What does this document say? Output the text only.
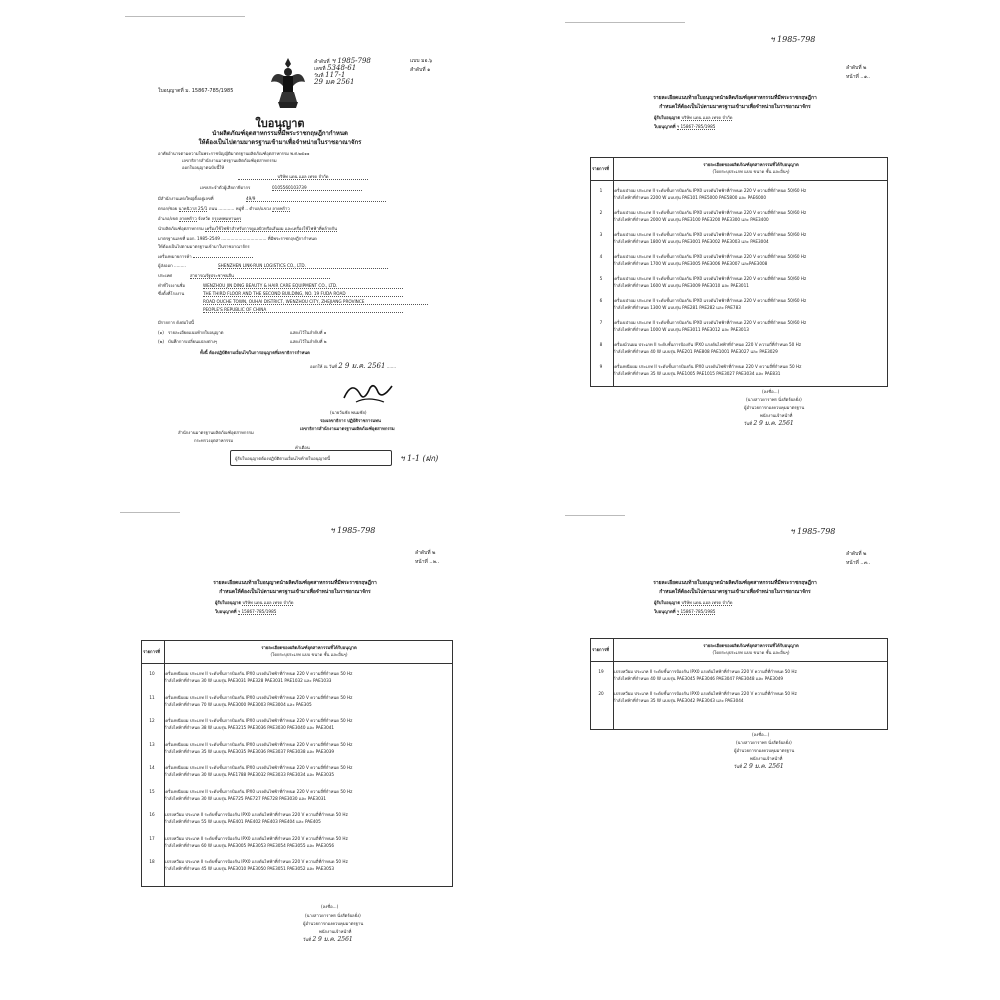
ลำดับที่ ฯ 1985-798
เลขที่ 5348-61
วันที่ 117-1
29 มค 2561
แบบ มอ.๖
สำดับที่ ๑
ใบอนุญาตที่ ม. 15867-785/1985
ใบอนุญาต
นำผลิตภัณฑ์อุตสาหกรรมที่มีพระราชกฤษฎีกากำหนด
ให้ต้องเป็นไปตามมาตรฐานเข้ามาเพื่อจำหน่ายในราชอาณาจักร
อาศัยอำนาจตามความในพระราชบัญญัติมาตรฐานผลิตภัณฑ์อุตสาหกรรม พ.ศ.๒๕๑๑
เลขาธิการสำนักงานมาตรฐานผลิตภัณฑ์อุตสาหกรรม
ออกใบอนุญาตฉบับนี้ให้
บริษัท แดน แอล เทรด จำกัด
เลขประจำตัวผู้เสียภาษีอากร	0105560103739
มีสำนักงานแห่งใหญ่ตั้งอยู่เลขที่	49/9
ตรอก/ซอย นาคนิวาส 25/1 ถนน ............ หมู่ที่ .. ตำบล/แขวง ลาดพร้าว
อำเภอ/เขต ลาดพร้าว จังหวัด กรุงเทพมหานคร
นำผลิตภัณฑ์อุตสาหกรรม เครื่องใช้ไฟฟ้าสำหรับการดูแลผิวหรือเส้นผม และเครื่องใช้ไฟฟ้าที่คล้ายกัน
มาตรฐานเลขที่ มอก. 1985-2549 .................................. ที่มีพระราชกฤษฎีกากำหนด
ให้ต้องเป็นไปตามมาตรฐานเข้ามาในราชอาณาจักร
เครื่องหมายการค้า
ผู้ส่งออก .........	SHENZHEN LINK-RUN LOGISTICS CO., LTD.
ประเทศ	สาธารณรัฐประชาชนจีน
ทำที่โรงงานชื่อ	WENZHOU JIN DING BEAUTY & HAIR CARE EQUIPMENT CO., LTD.
ซึ่งตั้งที่โรงงาน	THE THIRD FLOOR AND THE SECOND BUILDING, NO. 19 FUDA ROAD
ROAD OUCHE TOWN, OUHAI DISTRICT, WENZHOU CITY, ZHEJIANG PROVINCE
PEOPLE'S REPUBLIC OF CHINA
มีรายการ ดังต่อไปนี้
(๑) รายละเอียดแนบท้ายใบอนุญาต	แสดงไว้ในลำดับที่ ๑
(๒) บันทึกการเปลี่ยนแปลงต่างๆ	แสดงไว้ในลำดับที่ ๒
ทั้งนี้ ต้องปฏิบัติตามเงื่อนไขในการอนุญาตที่เลขาธิการกำหนด
ออกให้ ณ วันที่ 2 9 ม.ค. 2561 .......
(นายวันชัย พนมชัย)
รองเลขาธิการ ปฏิบัติราชการแทน
เลขาธิการสำนักงานมาตรฐานผลิตภัณฑ์อุตสาหกรรม
สำนักงานมาตรฐานผลิตภัณฑ์อุตสาหกรรม
กระทรวงอุตสาหกรรม
คำเตือน
ผู้รับใบอนุญาตต้องปฏิบัติตามเงื่อนไขท้ายใบอนุญาตนี้	ฯ 1-1 (ฝก)
ฯ 1985-798
ลำดับที่ ๒
หน้าที่ ..๑..
รายละเอียดแนบท้ายใบอนุญาตนำผลิตภัณฑ์อุตสาหกรรมที่มีพระราชกฤษฎีกา
กำหนดให้ต้องเป็นไปตามมาตรฐานเข้ามาเพื่อจำหน่ายในราชอาณาจักร
ผู้รับใบอนุญาต บริษัท แดน แอล เทรด จำกัด
ใบอนุญาตที่ ฯ 15867-785/1985
รายการที่
รายละเอียดของผลิตภัณฑ์อุตสาหกรรมที่ได้รับอนุญาต
(โดยระบุประเภท แบบ ขนาด ชั้น และอื่นๆ)
1	เครื่องเป่าผม ประเภท II ระดับชั้นการป้องกัน IPX0 แรงดันไฟฟ้าที่กำหนด 220 V ความถี่ที่กำหนด 50/60 Hz
กำลังไฟฟ้าที่กำหนด 2200 W แบบรุ่น PAE101 PAE5000 PAE5800 และ PAE6000
2	เครื่องเป่าผม ประเภท II ระดับชั้นการป้องกัน IPX0 แรงดันไฟฟ้าที่กำหนด 220 V ความถี่ที่กำหนด 50/60 Hz
กำลังไฟฟ้าที่กำหนด 2000 W แบบรุ่น PAE3100 PAE3200 PAE3300 และ PAE3400
3	เครื่องเป่าผม ประเภท II ระดับชั้นการป้องกัน IPX0 แรงดันไฟฟ้าที่กำหนด 220 V ความถี่ที่กำหนด 50/60 Hz
กำลังไฟฟ้าที่กำหนด 1800 W แบบรุ่น PAE3001 PAE3002 PAE3003 และ PAE3004
4	เครื่องเป่าผม ประเภท II ระดับชั้นการป้องกัน IPX0 แรงดันไฟฟ้าที่กำหนด 220 V ความถี่ที่กำหนด 50/60 Hz
กำลังไฟฟ้าที่กำหนด 1700 W แบบรุ่น PAE3005 PAE3006 PAE3007 และPAE3008
5	เครื่องเป่าผม ประเภท II ระดับชั้นการป้องกัน IPX0 แรงดันไฟฟ้าที่กำหนด 220 V ความถี่ที่กำหนด 50/60 Hz
กำลังไฟฟ้าที่กำหนด 1600 W แบบรุ่น PAE3009 PAE3010 และ PAE3011
6	เครื่องเป่าผม ประเภท II ระดับชั้นการป้องกัน IPX0 แรงดันไฟฟ้าที่กำหนด 220 V ความถี่ที่กำหนด 50/60 Hz
กำลังไฟฟ้าที่กำหนด 1300 W แบบรุ่น PAE281 PAE282 และ PAE783
7	เครื่องเป่าผม ประเภท II ระดับชั้นการป้องกัน IPX0 แรงดันไฟฟ้าที่กำหนด 220 V ความถี่ที่กำหนด 50/60 Hz
กำลังไฟฟ้าที่กำหนด 1000 W แบบรุ่น PAE3011 PAE3012 และ PAE3013
8	เครื่องม้วนผม ประเภท II ระดับชั้นการป้องกัน IPX0 แรงดันไฟฟ้าที่กำหนด 220 V ความถี่ที่กำหนด 50 Hz
กำลังไฟฟ้าที่กำหนด 40 W แบบรุ่น PAE201 PAE808 PAE1001 PAE3027 และ PAE3029
9	เครื่องหนีบผม ประเภท II ระดับชั้นการป้องกัน IPX0 แรงดันไฟฟ้าที่กำหนด 220 V ความถี่ที่กำหนด 50 Hz
กำลังไฟฟ้าที่กำหนด 35 W แบบรุ่น PAE1005 PAE1015 PAE3027 PAE3034 และ PAE831
(ลงชื่อ...)
(นางสาวดาราพร นั่งสัตร์ผลยั่ง)
ผู้อำนวยการกองควบคุมมาตรฐาน
พนักงานเจ้าหน้าที่
วันที่ 2 9 ม.ค. 2561
ฯ 1985-798
ลำดับที่ ๒
หน้าที่ ..๒..
รายละเอียดแนบท้ายใบอนุญาตนำผลิตภัณฑ์อุตสาหกรรมที่มีพระราชกฤษฎีกา
กำหนดให้ต้องเป็นไปตามมาตรฐานเข้ามาเพื่อจำหน่ายในราชอาณาจักร
ผู้รับใบอนุญาต บริษัท แดน แอล เทรด จำกัด
ใบอนุญาตที่ ฯ 15867-785/1985
รายการที่
รายละเอียดของผลิตภัณฑ์อุตสาหกรรมที่ได้รับอนุญาต
(โดยระบุประเภท แบบ ขนาด ชั้น และอื่นๆ)
10	เครื่องหนีบผม ประเภท II ระดับชั้นการป้องกัน IPX0 แรงดันไฟฟ้าที่กำหนด 220 V ความถี่ที่กำหนด 50 Hz
กำลังไฟฟ้าที่กำหนด 30 W แบบรุ่น PAE3031 PAE328 PAE3031 PAE1032 และ PAE1033
11	เครื่องหนีบผม ประเภท II ระดับชั้นการป้องกัน IPX0 แรงดันไฟฟ้าที่กำหนด 220 V ความถี่ที่กำหนด 50 Hz
กำลังไฟฟ้าที่กำหนด 70 W แบบรุ่น PAE3000 PAE3003 PAE3004 และ PAE305
12	เครื่องหนีบผม ประเภท II ระดับชั้นการป้องกัน IPX0 แรงดันไฟฟ้าที่กำหนด 220 V ความถี่ที่กำหนด 50 Hz
กำลังไฟฟ้าที่กำหนด 38 W แบบรุ่น PAE3215 PAE3036 PAE3030 PAE3040 และ PAE3041
13	เครื่องหนีบผม ประเภท II ระดับชั้นการป้องกัน IPX0 แรงดันไฟฟ้าที่กำหนด 220 V ความถี่ที่กำหนด 50 Hz
กำลังไฟฟ้าที่กำหนด 35 W แบบรุ่น PAE3035 PAE3036 PAE3037 PAE3038 และ PAE3039
14	เครื่องหนีบผม ประเภท II ระดับชั้นการป้องกัน IPX0 แรงดันไฟฟ้าที่กำหนด 220 V ความถี่ที่กำหนด 50 Hz
กำลังไฟฟ้าที่กำหนด 30 W แบบรุ่น PAE1788 PAE3032 PAE3033 PAE3034 และ PAE3035
15	เครื่องหนีบผม ประเภท II ระดับชั้นการป้องกัน IPX0 แรงดันไฟฟ้าที่กำหนด 220 V ความถี่ที่กำหนด 50 Hz
กำลังไฟฟ้าที่กำหนด 30 W แบบรุ่น PAE725 PAE727 PAE728 PAE3030 และ PAE3031
16	แปรงหวีผม ประเภท II ระดับชั้นการป้องกัน IPX0 แรงดันไฟฟ้าที่กำหนด 220 V ความถี่ที่กำหนด 50 Hz
กำลังไฟฟ้าที่กำหนด 55 W แบบรุ่น PAE401 PAE402 PAE403 PAE404 และ PAE405
17	แปรงหวีผม ประเภท II ระดับชั้นการป้องกัน IPX0 แรงดันไฟฟ้าที่กำหนด 220 V ความถี่ที่กำหนด 50 Hz
กำลังไฟฟ้าที่กำหนด 60 W แบบรุ่น PAE3005 PAE3053 PAE3054 PAE3055 และ PAE3056
18	แปรงหวีผม ประเภท II ระดับชั้นการป้องกัน IPX0 แรงดันไฟฟ้าที่กำหนด 220 V ความถี่ที่กำหนด 50 Hz
กำลังไฟฟ้าที่กำหนด 45 W แบบรุ่น PAE3010 PAE3050 PAE3051 PAE3052 และ PAE3053
(ลงชื่อ...)
(นางสาวดาราพร นั่งสัตร์ผลยั่ง)
ผู้อำนวยการกองควบคุมมาตรฐาน
พนักงานเจ้าหน้าที่
วันที่ 2 9 ม.ค. 2561
ฯ 1985-798
ลำดับที่ ๒
หน้าที่ ..๓..
รายละเอียดแนบท้ายใบอนุญาตนำผลิตภัณฑ์อุตสาหกรรมที่มีพระราชกฤษฎีกา
กำหนดให้ต้องเป็นไปตามมาตรฐานเข้ามาเพื่อจำหน่ายในราชอาณาจักร
ผู้รับใบอนุญาต บริษัท แดน แอล เทรด จำกัด
ใบอนุญาตที่ ฯ 15867-785/1985
รายการที่
รายละเอียดของผลิตภัณฑ์อุตสาหกรรมที่ได้รับอนุญาต
(โดยระบุประเภท แบบ ขนาด ชั้น และอื่นๆ)
19	แปรงหวีผม ประเภท II ระดับชั้นการป้องกัน IPX0 แรงดันไฟฟ้าที่กำหนด 220 V ความถี่ที่กำหนด 50 Hz
กำลังไฟฟ้าที่กำหนด 40 W แบบรุ่น PAE3045 PAE3046 PAE3047 PAE3048 และ PAE3049
20	แปรงหวีผม ประเภท II ระดับชั้นการป้องกัน IPX0 แรงดันไฟฟ้าที่กำหนด 220 V ความถี่ที่กำหนด 50 Hz
กำลังไฟฟ้าที่กำหนด 35 W แบบรุ่น PAE3042 PAE3043 และ PAE3044
(ลงชื่อ...)
(นางสาวดาราพร นั่งสัตร์ผลยั่ง)
ผู้อำนวยการกองควบคุมมาตรฐาน
พนักงานเจ้าหน้าที่
วันที่ 2 9 ม.ค. 2561
